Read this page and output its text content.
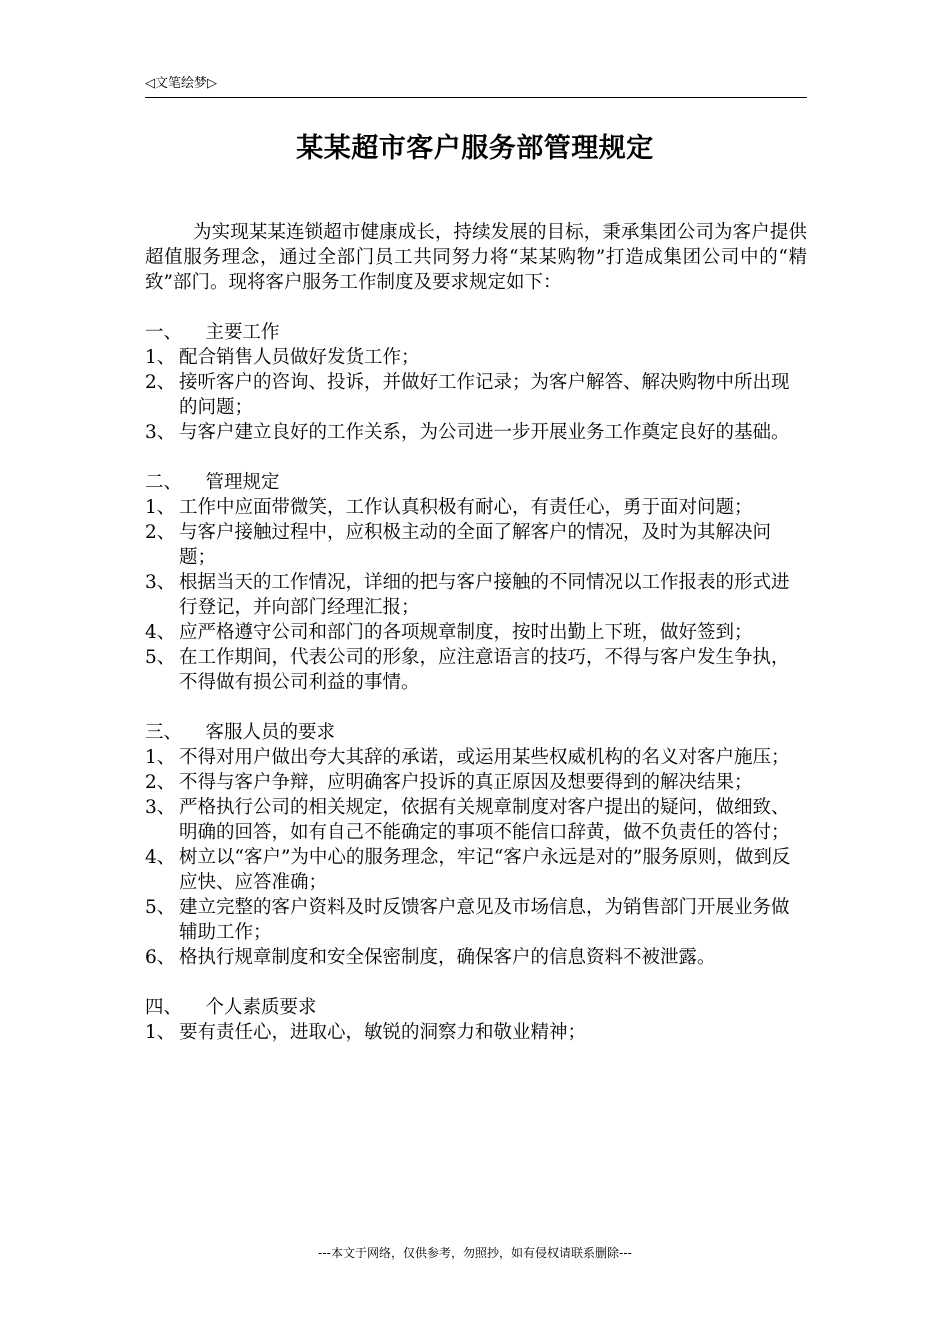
◁文笔绘梦▷
某某超市客户服务部管理规定

为实现某某连锁超市健康成长，持续发展的目标，秉承集团公司为客户提供超值服务理念，通过全部门员工共同努力将“某某购物”打造成集团公司中的“精致”部门。现将客户服务工作制度及要求规定如下：

一、 主要工作
1、 配合销售人员做好发货工作；
2、 接听客户的咨询、投诉，并做好工作记录；为客户解答、解决购物中所出现的问题；
3、 与客户建立良好的工作关系，为公司进一步开展业务工作奠定良好的基础。
二、 管理规定
1、 工作中应面带微笑，工作认真积极有耐心，有责任心，勇于面对问题；
2、 与客户接触过程中，应积极主动的全面了解客户的情况，及时为其解决问题；
3、 根据当天的工作情况，详细的把与客户接触的不同情况以工作报表的形式进行登记，并向部门经理汇报；
4、 应严格遵守公司和部门的各项规章制度，按时出勤上下班，做好签到；
5、 在工作期间，代表公司的形象，应注意语言的技巧，不得与客户发生争执，不得做有损公司利益的事情。
三、 客服人员的要求
1、 不得对用户做出夸大其辞的承诺，或运用某些权威机构的名义对客户施压；
2、 不得与客户争辩，应明确客户投诉的真正原因及想要得到的解决结果；
3、 严格执行公司的相关规定，依据有关规章制度对客户提出的疑问，做细致、明确的回答，如有自己不能确定的事项不能信口辞黄，做不负责任的答付；
4、 树立以“客户”为中心的服务理念，牢记“客户永远是对的”服务原则，做到反应快、应答准确；
5、 建立完整的客户资料及时反馈客户意见及市场信息，为销售部门开展业务做辅助工作；
6、 格执行规章制度和安全保密制度，确保客户的信息资料不被泄露。
四、 个人素质要求
1、 要有责任心，进取心，敏锐的洞察力和敬业精神；
---本文于网络，仅供参考，勿照抄，如有侵权请联系删除---
